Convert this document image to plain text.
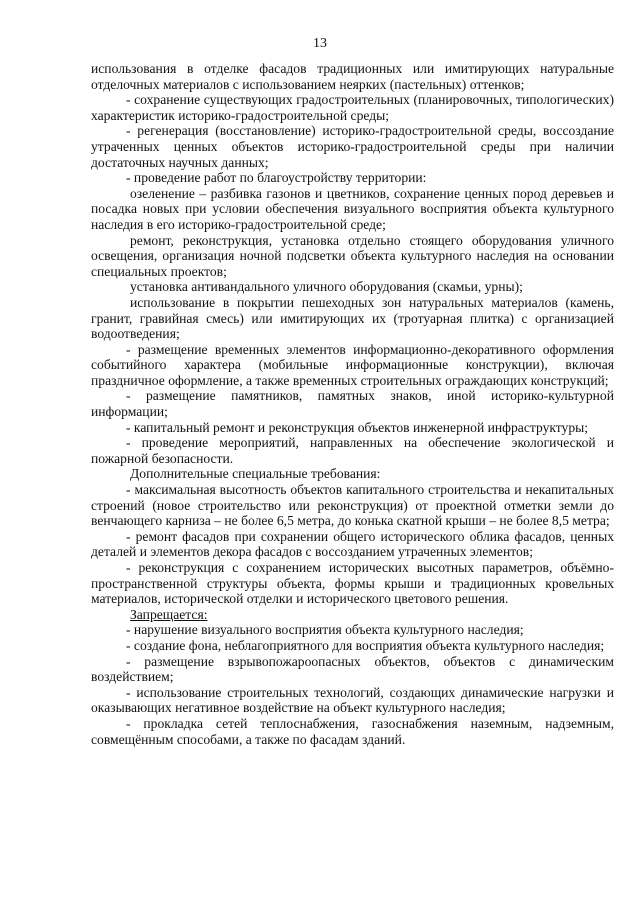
13

использования в отделке фасадов традиционных или имитирующих натуральные отделочных материалов с использованием неярких (пастельных) оттенков;

- сохранение существующих градостроительных (планировочных, типологических) характеристик историко-градостроительной среды;

- регенерация (восстановление) историко-градостроительной среды, воссоздание утраченных ценных объектов историко-градостроительной среды при наличии достаточных научных данных;

- проведение работ по благоустройству территории:

озеленение – разбивка газонов и цветников, сохранение ценных пород деревьев и посадка новых при условии обеспечения визуального восприятия объекта культурного наследия в его историко-градостроительной среде;

ремонт, реконструкция, установка отдельно стоящего оборудования уличного освещения, организация ночной подсветки объекта культурного наследия на основании специальных проектов;

установка антивандального уличного оборудования (скамьи, урны);

использование в покрытии пешеходных зон натуральных материалов (камень, гранит, гравийная смесь) или имитирующих их (тротуарная плитка) с организацией водоотведения;

- размещение временных элементов информационно-декоративного оформления событийного характера (мобильные информационные конструкции), включая праздничное оформление, а также временных строительных ограждающих конструкций;

- размещение памятников, памятных знаков, иной историко-культурной информации;

- капитальный ремонт и реконструкция объектов инженерной инфраструктуры;

- проведение мероприятий, направленных на обеспечение экологической и пожарной безопасности.

Дополнительные специальные требования:

- максимальная высотность объектов капитального строительства и некапитальных строений (новое строительство или реконструкция) от проектной отметки земли до венчающего карниза – не более 6,5 метра, до конька скатной крыши – не более 8,5 метра;

- ремонт фасадов при сохранении общего исторического облика фасадов, ценных деталей и элементов декора фасадов с воссозданием утраченных элементов;

- реконструкция с сохранением исторических высотных параметров, объёмно-пространственной структуры объекта, формы крыши и традиционных кровельных материалов, исторической отделки и исторического цветового решения.

Запрещается:

- нарушение визуального восприятия объекта культурного наследия;

- создание фона, неблагоприятного для восприятия объекта культурного наследия;

- размещение взрывопожароопасных объектов, объектов с динамическим воздействием;

- использование строительных технологий, создающих динамические нагрузки и оказывающих негативное воздействие на объект культурного наследия;

- прокладка сетей теплоснабжения, газоснабжения наземным, надземным, совмещённым способами, а также по фасадам зданий.
